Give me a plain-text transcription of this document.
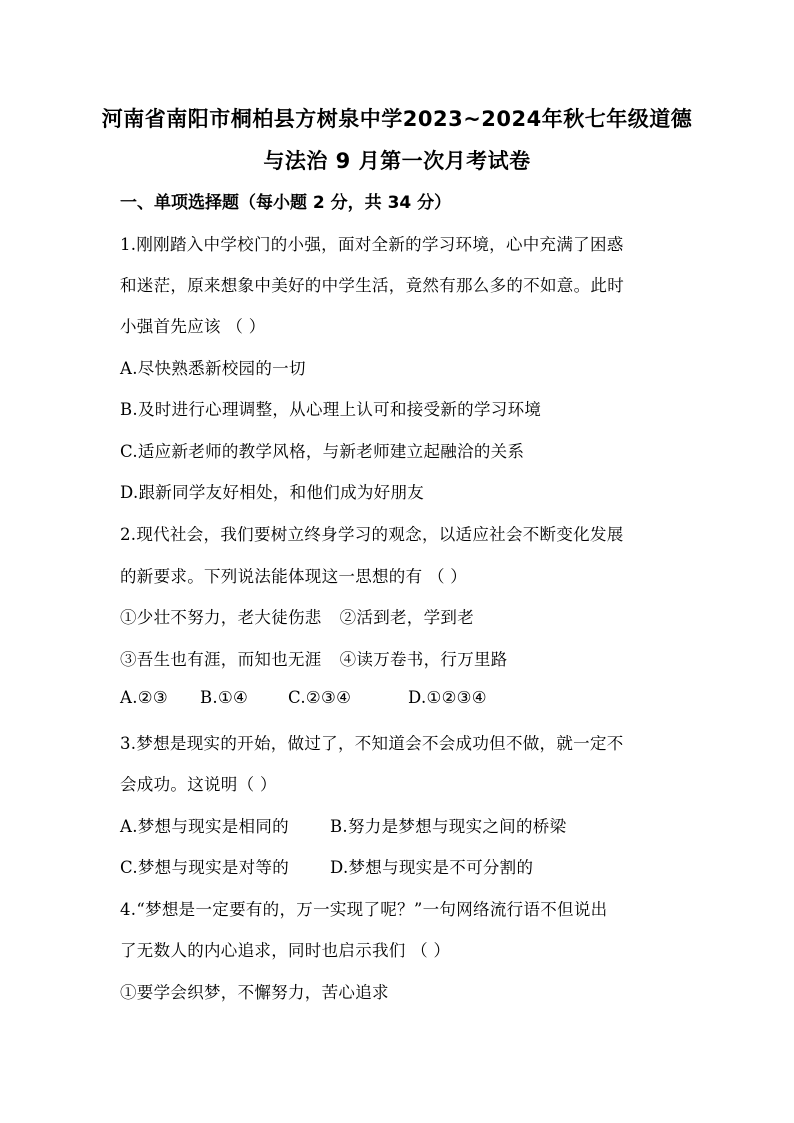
河南省南阳市桐柏县方树泉中学2023~2024年秋七年级道德
与法治 9 月第一次月考试卷
一、单项选择题（每小题 2 分，共 34 分）
1.刚刚踏入中学校门的小强，面对全新的学习环境，心中充满了困惑
和迷茫，原来想象中美好的中学生活，竟然有那么多的不如意。此时
小强首先应该 （ ）
A.尽快熟悉新校园的一切
B.及时进行心理调整，从心理上认可和接受新的学习环境
C.适应新老师的教学风格，与新老师建立起融洽的关系
D.跟新同学友好相处，和他们成为好朋友
2.现代社会，我们要树立终身学习的观念，以适应社会不断变化发展
的新要求。下列说法能体现这一思想的有 （ ）
①少壮不努力，老大徒伤悲 ②活到老，学到老
③吾生也有涯，而知也无涯 ④读万卷书，行万里路
A.②③ B.①④ C.②③④	D.①②③④
3.梦想是现实的开始，做过了，不知道会不会成功但不做，就一定不
会成功。这说明（ ）
A.梦想与现实是相同的 B.努力是梦想与现实之间的桥梁
C.梦想与现实是对等的 D.梦想与现实是不可分割的
4.“梦想是一定要有的，万一实现了呢？”一句网络流行语不但说出
了无数人的内心追求，同时也启示我们 （ ）
①要学会织梦，不懈努力，苦心追求
